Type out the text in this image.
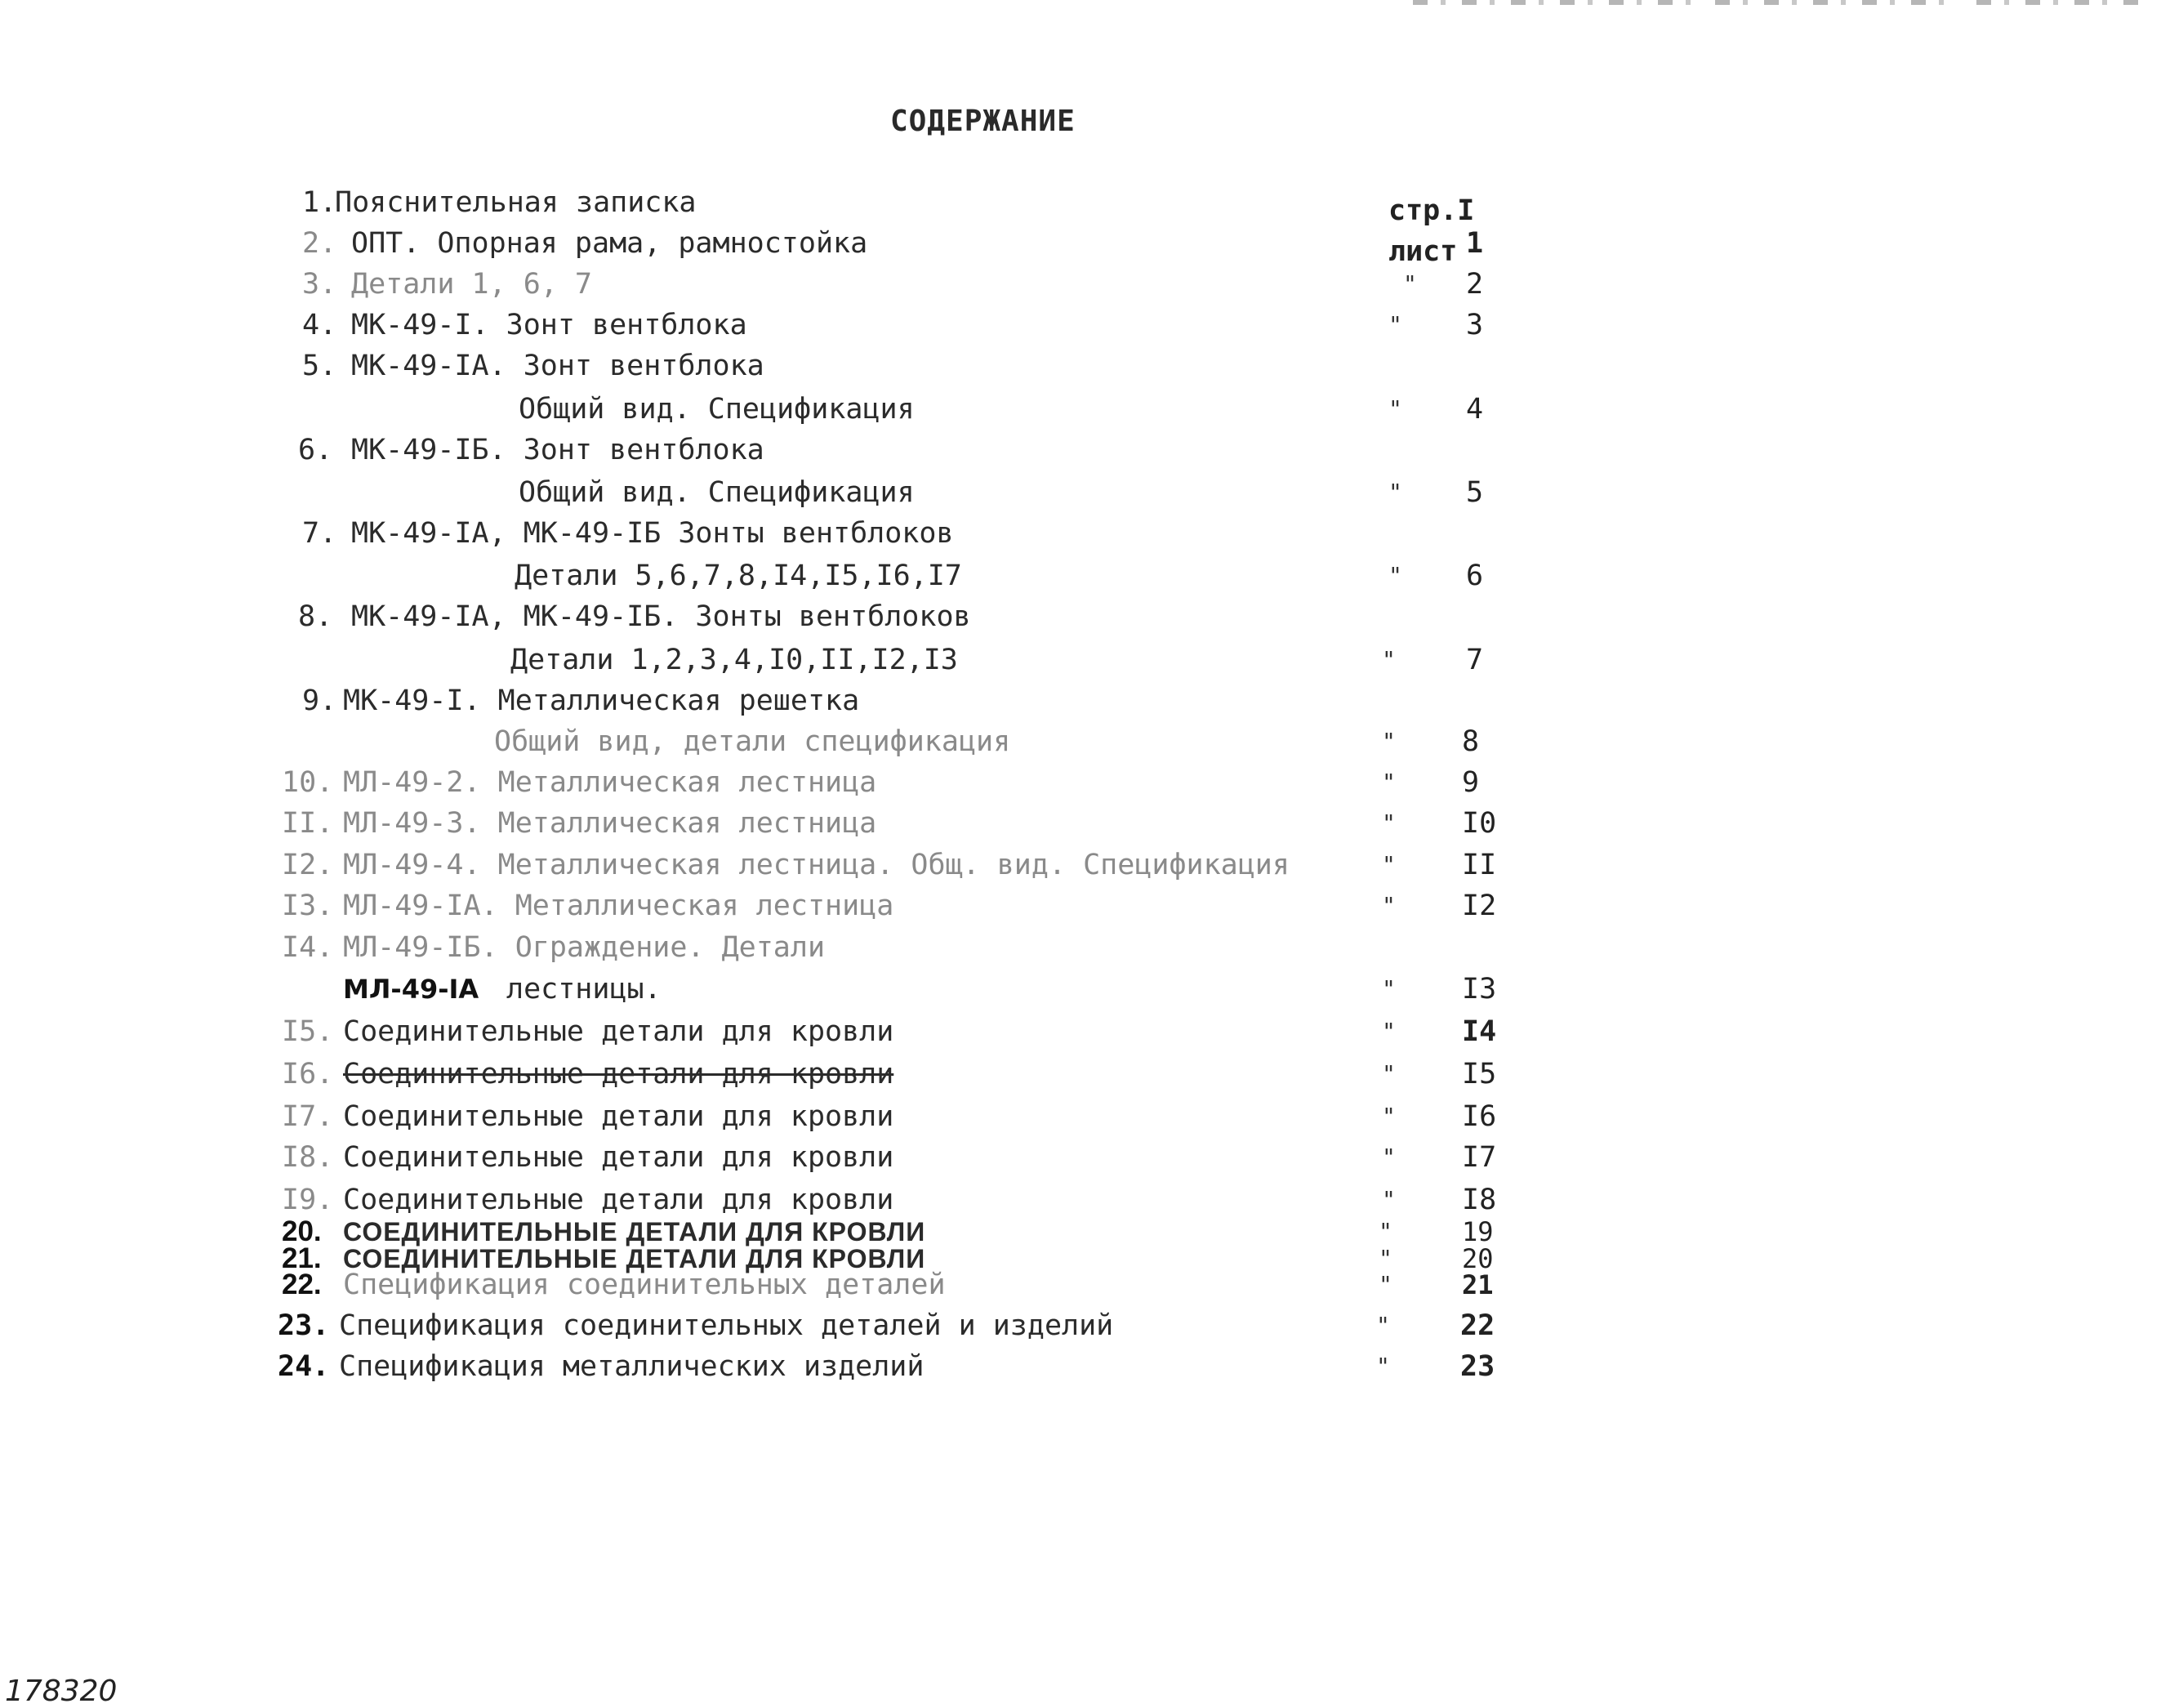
СОДЕРЖАНИЕ
стр.I
лист
1.
Пояснительная записка
2. ОПТ. Опорная рама, рамностойка	1
3. Детали 1, 6, 7	" 2
4. МК-49-I. Зонт вентблока	" 3
5. МК-49-IА. Зонт вентблока
Общий вид. Спецификация	" 4
6. МК-49-IБ. Зонт вентблока
Общий вид. Спецификация	" 5
7. МК-49-IА, МК-49-IБ Зонты вентблоков
Детали 5,6,7,8,I4,I5,I6,I7	" 6
8. МК-49-IА, МК-49-IБ. Зонты вентблоков
Детали 1,2,3,4,I0,II,I2,I3	" 7
9. МК-49-I. Металлическая решетка
Общий вид, детали спецификация	" 8
10. МЛ-49-2. Металлическая лестница	" 9
II. МЛ-49-3. Металлическая лестница	" I0
I2. МЛ-49-4. Металлическая лестница. Общ. вид. Спецификация	" II
I3. МЛ-49-IА. Металлическая лестница	" I2
I4. МЛ-49-IБ. Ограждение. Детали
МЛ-49-IА лестницы.	" I3
I5. Соединительные детали для кровли	" I4
I6. Соединительные детали для кровли	" I5
I7. Соединительные детали для кровли	" I6
I8. Соединительные детали для кровли	" I7
I9. Соединительные детали для кровли	" I8
20. СОЕДИНИТЕЛЬНЫЕ ДЕТАЛИ ДЛЯ КРОВЛИ	"	19
21. СОЕДИНИТЕЛЬНЫЕ ДЕТАЛИ ДЛЯ КРОВЛИ	"	20
22. Спецификация соединительных деталей	"	21
23. Спецификация соединительных деталей и изделий	" 22
24. Спецификация металлических изделий	" 23
178320
